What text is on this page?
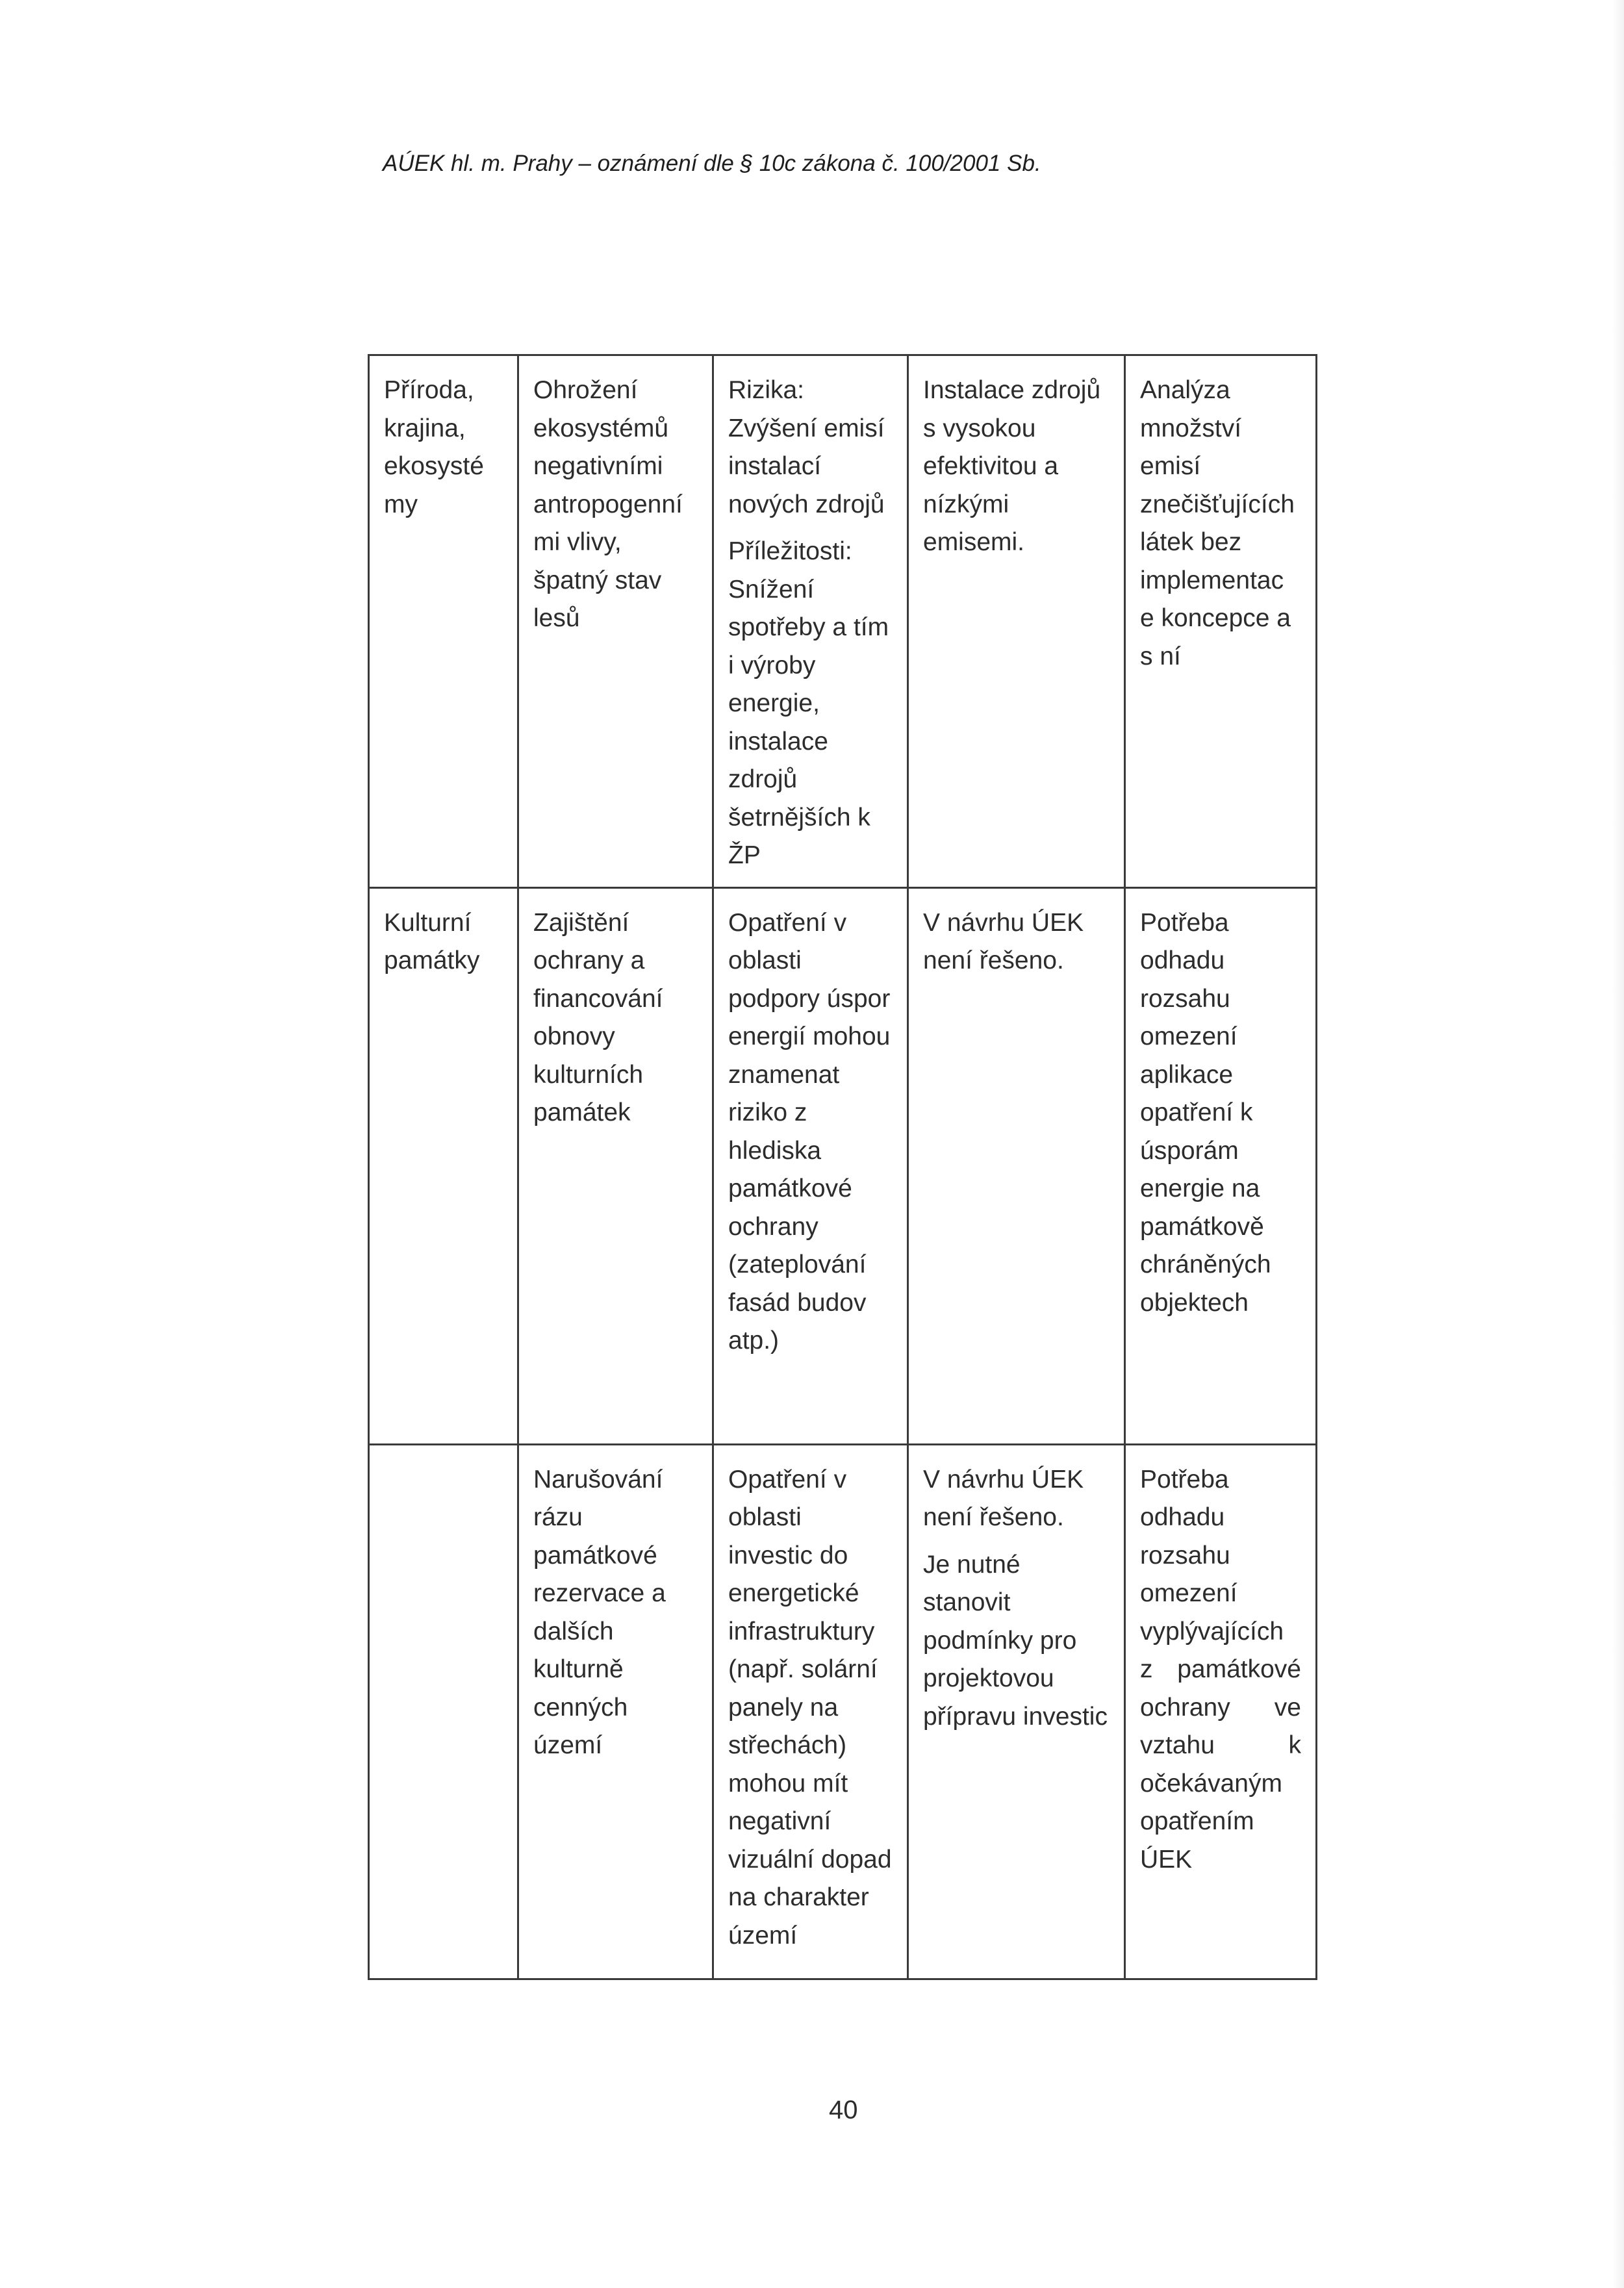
AÚEK hl. m. Prahy – oznámení dle § 10c zákona č. 100/2001 Sb.
Příroda, krajina, ekosysté my	Ohrožení ekosystémů negativními antropogenní mi vlivy, špatný stav lesů	Rizika: Zvýšení emisí instalací nových zdrojů
Příležitosti: Snížení spotřeby a tím i výroby energie, instalace zdrojů šetrnějších k ŽP	Instalace zdrojů s vysokou efektivitou a nízkými emisemi.	Analýza množství emisí znečišťujících látek bez implementac e koncepce a s ní

Kulturní památky	Zajištění ochrany a financování obnovy kulturních památek	Opatření v oblasti podpory úspor energií mohou znamenat riziko z hlediska památkové ochrany (zateplování fasád budov atp.)	V návrhu ÚEK není řešeno.	Potřeba odhadu rozsahu omezení aplikace opatření k úsporám energie na památkově chráněných objektech

	Narušování rázu památkové rezervace a dalších kulturně cenných území	Opatření v oblasti investic do energetické infrastruktury (např. solární panely na střechách) mohou mít negativní vizuální dopad na charakter území	V návrhu ÚEK není řešeno.
Je nutné stanovit podmínky pro projektovou přípravu investic	Potřeba odhadu rozsahu omezení vyplývajících z památkové ochrany ve vztahu k očekávaným opatřením ÚEK
40
